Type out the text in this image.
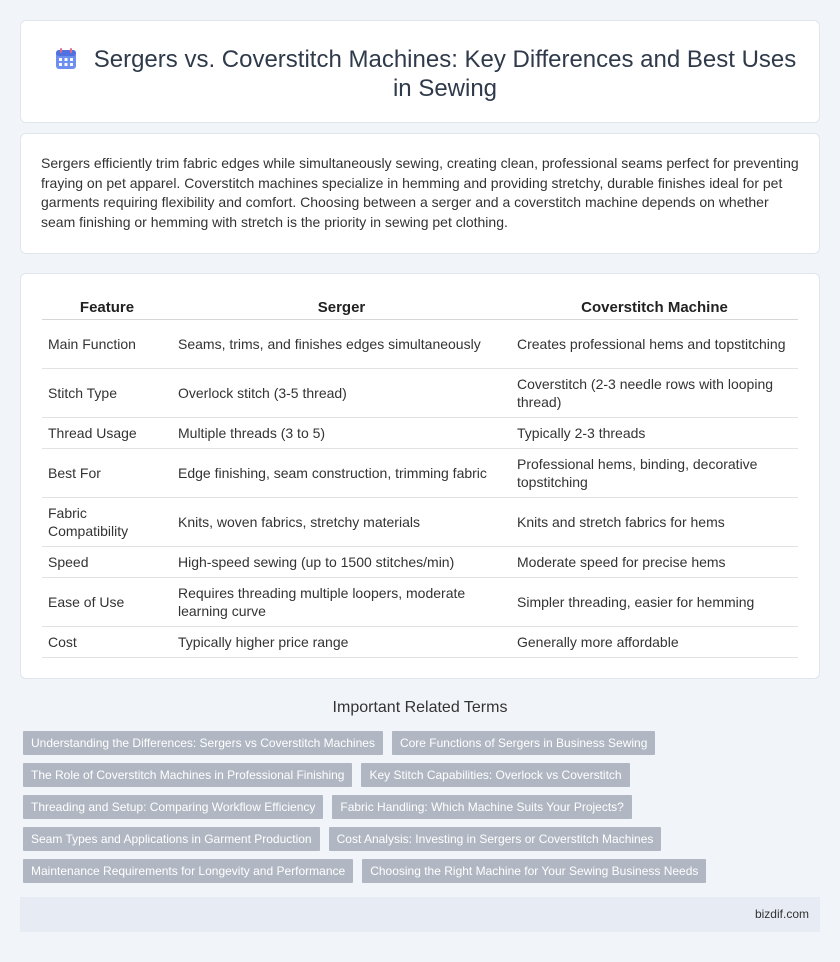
Sergers vs. Coverstitch Machines: Key Differences and Best Uses in Sewing

Sergers efficiently trim fabric edges while simultaneously sewing, creating clean, professional seams perfect for preventing fraying on pet apparel. Coverstitch machines specialize in hemming and providing stretchy, durable finishes ideal for pet garments requiring flexibility and comfort. Choosing between a serger and a coverstitch machine depends on whether seam finishing or hemming with stretch is the priority in sewing pet clothing.

Feature	Serger	Coverstitch Machine
Main Function	Seams, trims, and finishes edges simultaneously	Creates professional hems and topstitching
Stitch Type	Overlock stitch (3-5 thread)	Coverstitch (2-3 needle rows with looping thread)
Thread Usage	Multiple threads (3 to 5)	Typically 2-3 threads
Best For	Edge finishing, seam construction, trimming fabric	Professional hems, binding, decorative topstitching
Fabric Compatibility	Knits, woven fabrics, stretchy materials	Knits and stretch fabrics for hems
Speed	High-speed sewing (up to 1500 stitches/min)	Moderate speed for precise hems
Ease of Use	Requires threading multiple loopers, moderate learning curve	Simpler threading, easier for hemming
Cost	Typically higher price range	Generally more affordable
Important Related Terms
Understanding the Differences: Sergers vs Coverstitch Machines	Core Functions of Sergers in Business Sewing
The Role of Coverstitch Machines in Professional Finishing	Key Stitch Capabilities: Overlock vs Coverstitch
Threading and Setup: Comparing Workflow Efficiency	Fabric Handling: Which Machine Suits Your Projects?
Seam Types and Applications in Garment Production	Cost Analysis: Investing in Sergers or Coverstitch Machines
Maintenance Requirements for Longevity and Performance	Choosing the Right Machine for Your Sewing Business Needs
bizdif.com
